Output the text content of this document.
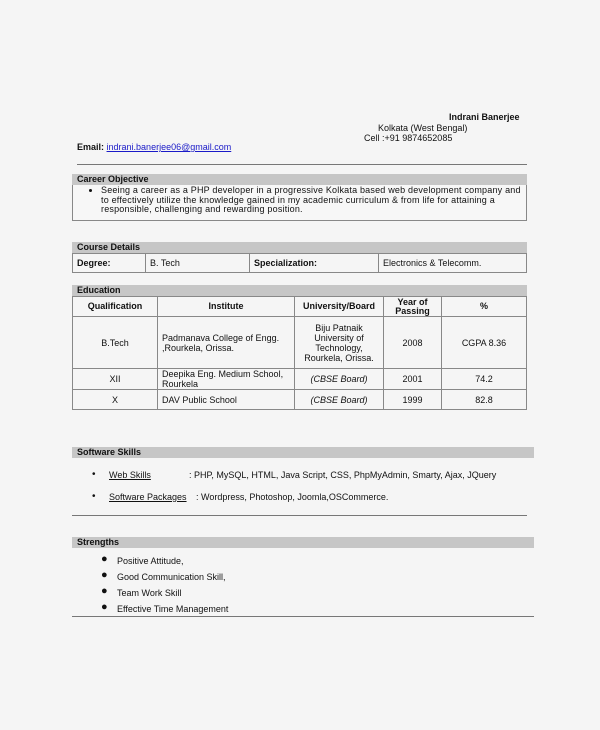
Indrani Banerjee
Kolkata (West Bengal)
Cell :+91 9874652085
Email: indrani.banerjee06@gmail.com
Career Objective
• Seeing a career as a PHP developer in a progressive Kolkata based web development company and to effectively utilize the knowledge gained in my academic curriculum & from life for attaining a responsible, challenging and rewarding position.
Course Details
Degree:	B. Tech	Specialization:	Electronics & Telecomm.
Education
Qualification	Institute	University/Board	Year of Passing	%
B.Tech	Padmanava College of Engg. ,Rourkela, Orissa.	Biju Patnaik University of Technology, Rourkela, Orissa.	2008	CGPA 8.36
XII	Deepika Eng. Medium School, Rourkela	(CBSE Board)	2001	74.2
X	DAV Public School	(CBSE Board)	1999	82.8
Software Skills
• Web Skills	: PHP, MySQL, HTML, Java Script, CSS, PhpMyAdmin, Smarty, Ajax, JQuery
• Software Packages : Wordpress, Photoshop, Joomla,OSCommerce.
Strengths
● Positive Attitude,
● Good Communication Skill,
● Team Work Skill
● Effective Time Management
